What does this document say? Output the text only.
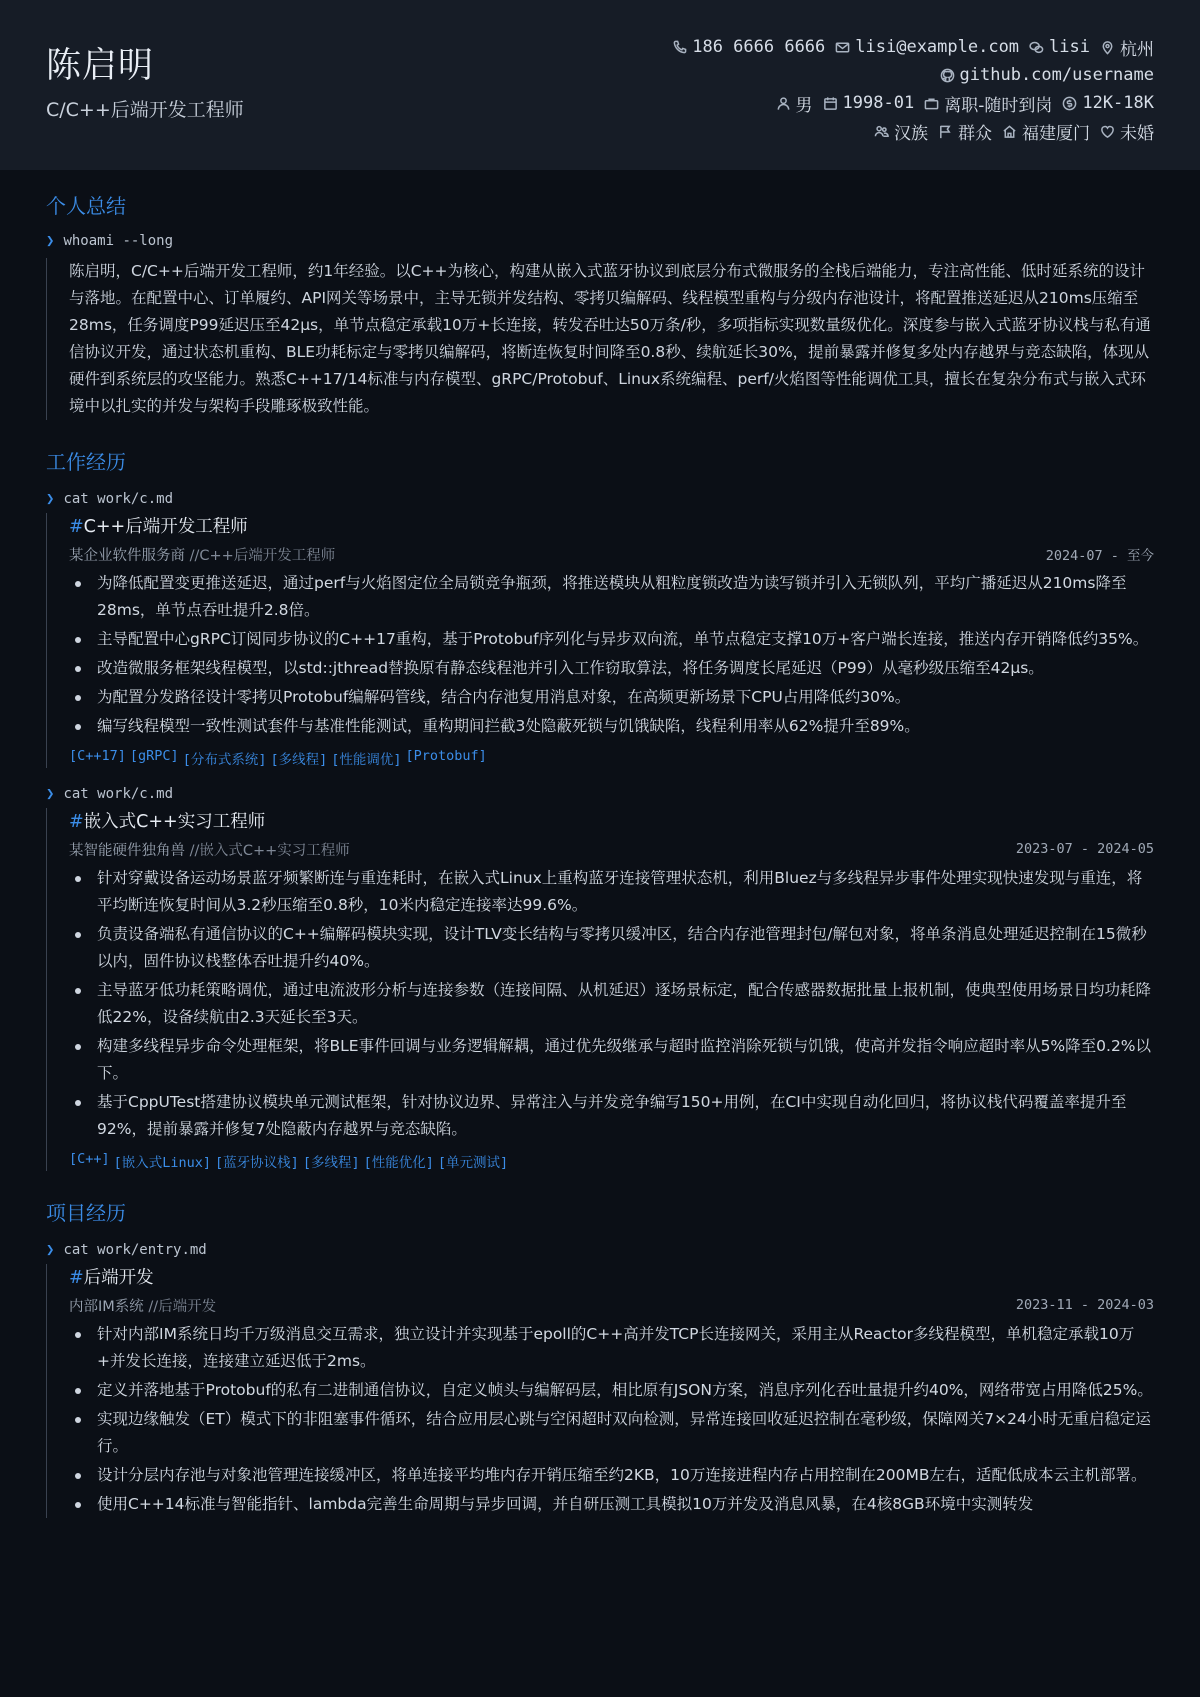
陈启明

C/C++后端开发工程师

186 6666 6666 lisi@example.com lisi 杭州
github.com/username
男 1998-01 离职-随时到岗 12K-18K
汉族 群众 福建厦门 未婚
个人总结
❯ whoami --long

陈启明，C/C++后端开发工程师，约1年经验。以C++为核心，构建从嵌入式蓝牙协议到底层分布式微服务的全栈后端能力，专注高性能、低时延系统的设计与落地。在配置中心、订单履约、API网关等场景中，主导无锁并发结构、零拷贝编解码、线程模型重构与分级内存池设计，将配置推送延迟从210ms压缩至28ms，任务调度P99延迟压至42μs，单节点稳定承载10万+长连接，转发吞吐达50万条/秒，多项指标实现数量级优化。深度参与嵌入式蓝牙协议栈与私有通信协议开发，通过状态机重构、BLE功耗标定与零拷贝编解码，将断连恢复时间降至0.8秒、续航延长30%，提前暴露并修复多处内存越界与竞态缺陷，体现从硬件到系统层的攻坚能力。熟悉C++17/14标准与内存模型、gRPC/Protobuf、Linux系统编程、perf/火焰图等性能调优工具，擅长在复杂分布式与嵌入式环境中以扎实的并发与架构手段雕琢极致性能。

工作经历
❯ cat work/c.md
#C++后端开发工程师
某企业软件服务商 //C++后端开发工程师	2024-07 - 至今
为降低配置变更推送延迟，通过perf与火焰图定位全局锁竞争瓶颈，将推送模块从粗粒度锁改造为读写锁并引入无锁队列，平均广播延迟从210ms降至28ms，单节点吞吐提升2.8倍。
主导配置中心gRPC订阅同步协议的C++17重构，基于Protobuf序列化与异步双向流，单节点稳定支撑10万+客户端长连接，推送内存开销降低约35%。
改造微服务框架线程模型，以std::jthread替换原有静态线程池并引入工作窃取算法，将任务调度长尾延迟（P99）从毫秒级压缩至42μs。
为配置分发路径设计零拷贝Protobuf编解码管线，结合内存池复用消息对象，在高频更新场景下CPU占用降低约30%。
编写线程模型一致性测试套件与基准性能测试，重构期间拦截3处隐蔽死锁与饥饿缺陷，线程利用率从62%提升至89%。
[C++17] [gRPC] [分布式系统] [多线程] [性能调优] [Protobuf]
❯ cat work/c.md
#嵌入式C++实习工程师
某智能硬件独角兽 //嵌入式C++实习工程师	2023-07 - 2024-05
针对穿戴设备运动场景蓝牙频繁断连与重连耗时，在嵌入式Linux上重构蓝牙连接管理状态机，利用Bluez与多线程异步事件处理实现快速发现与重连，将平均断连恢复时间从3.2秒压缩至0.8秒，10米内稳定连接率达99.6%。
负责设备端私有通信协议的C++编解码模块实现，设计TLV变长结构与零拷贝缓冲区，结合内存池管理封包/解包对象，将单条消息处理延迟控制在15微秒以内，固件协议栈整体吞吐提升约40%。
主导蓝牙低功耗策略调优，通过电流波形分析与连接参数（连接间隔、从机延迟）逐场景标定，配合传感器数据批量上报机制，使典型使用场景日均功耗降低22%，设备续航由2.3天延长至3天。
构建多线程异步命令处理框架，将BLE事件回调与业务逻辑解耦，通过优先级继承与超时监控消除死锁与饥饿，使高并发指令响应超时率从5%降至0.2%以下。
基于CppUTest搭建协议模块单元测试框架，针对协议边界、异常注入与并发竞争编写150+用例，在CI中实现自动化回归，将协议栈代码覆盖率提升至92%，提前暴露并修复7处隐蔽内存越界与竞态缺陷。
[C++] [嵌入式Linux] [蓝牙协议栈] [多线程] [性能优化] [单元测试]
项目经历
❯ cat work/entry.md
#后端开发
内部IM系统 //后端开发	2023-11 - 2024-03
针对内部IM系统日均千万级消息交互需求，独立设计并实现基于epoll的C++高并发TCP长连接网关，采用主从Reactor多线程模型，单机稳定承载10万+并发长连接，连接建立延迟低于2ms。
定义并落地基于Protobuf的私有二进制通信协议，自定义帧头与编解码层，相比原有JSON方案，消息序列化吞吐量提升约40%，网络带宽占用降低25%。
实现边缘触发（ET）模式下的非阻塞事件循环，结合应用层心跳与空闲超时双向检测，异常连接回收延迟控制在毫秒级，保障网关7×24小时无重启稳定运行。
设计分层内存池与对象池管理连接缓冲区，将单连接平均堆内存开销压缩至约2KB，10万连接进程内存占用控制在200MB左右，适配低成本云主机部署。
使用C++14标准与智能指针、lambda完善生命周期与异步回调，并自研压测工具模拟10万并发及消息风暴，在4核8GB环境中实测转发
